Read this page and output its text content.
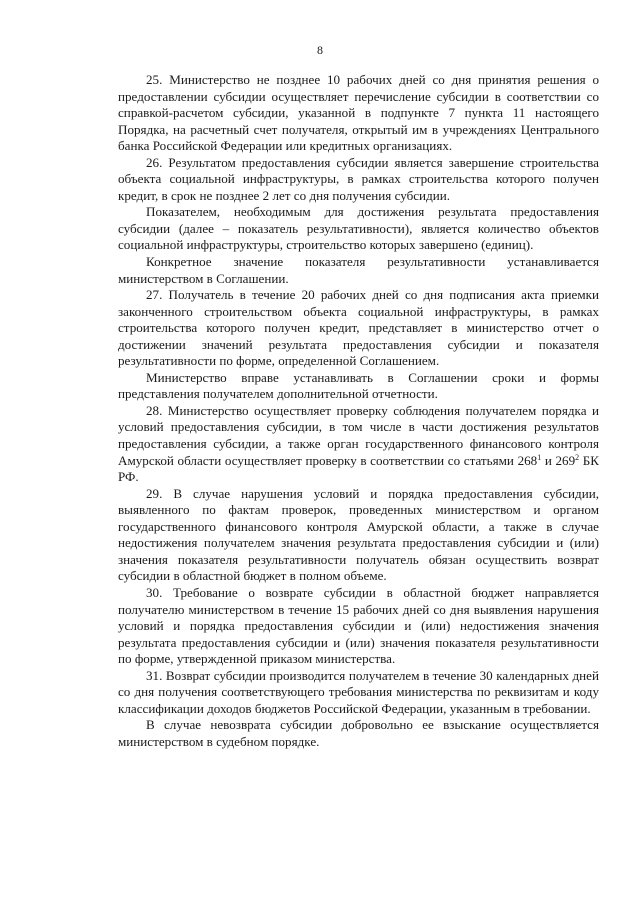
8

25. Министерство не позднее 10 рабочих дней со дня принятия решения о предоставлении субсидии осуществляет перечисление субсидии в соответствии со справкой-расчетом субсидии, указанной в подпункте 7 пункта 11 настоящего Порядка, на расчетный счет получателя, открытый им в учреждениях Центрального банка Российской Федерации или кредитных организациях.

26. Результатом предоставления субсидии является завершение строительства объекта социальной инфраструктуры, в рамках строительства которого получен кредит, в срок не позднее 2 лет со дня получения субсидии.

Показателем, необходимым для достижения результата предоставления субсидии (далее – показатель результативности), является количество объектов социальной инфраструктуры, строительство которых завершено (единиц).

Конкретное значение показателя результативности устанавливается министерством в Соглашении.

27. Получатель в течение 20 рабочих дней со дня подписания акта приемки законченного строительством объекта социальной инфраструктуры, в рамках строительства которого получен кредит, представляет в министерство отчет о достижении значений результата предоставления субсидии и показателя результативности по форме, определенной Соглашением.

Министерство вправе устанавливать в Соглашении сроки и формы представления получателем дополнительной отчетности.

28. Министерство осуществляет проверку соблюдения получателем порядка и условий предоставления субсидии, в том числе в части достижения результатов предоставления субсидии, а также орган государственного финансового контроля Амурской области осуществляет проверку в соответствии со статьями $268^1$ и $269^2$ БК РФ.

29. В случае нарушения условий и порядка предоставления субсидии, выявленного по фактам проверок, проведенных министерством и органом государственного финансового контроля Амурской области, а также в случае недостижения получателем значения результата предоставления субсидии и (или) значения показателя результативности получатель обязан осуществить возврат субсидии в областной бюджет в полном объеме.

30. Требование о возврате субсидии в областной бюджет направляется получателю министерством в течение 15 рабочих дней со дня выявления нарушения условий и порядка предоставления субсидии и (или) недостижения значения результата предоставления субсидии и (или) значения показателя результативности по форме, утвержденной приказом министерства.

31. Возврат субсидии производится получателем в течение 30 календарных дней со дня получения соответствующего требования министерства по реквизитам и коду классификации доходов бюджетов Российской Федерации, указанным в требовании.

В случае невозврата субсидии добровольно ее взыскание осуществляется министерством в судебном порядке.
